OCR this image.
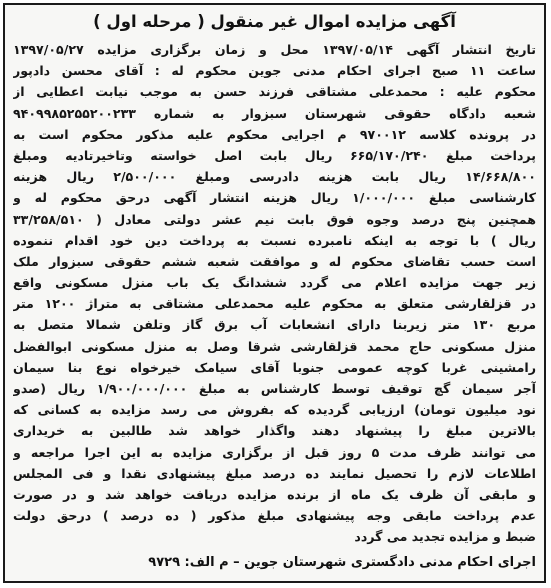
آگهی مزایده اموال غیر منقول ( مرحله اول )
تاریخ انتشار آگهی ۱۳۹۷/۰۵/۱۴ محل و زمان برگزاری مزایده ۱۳۹۷/۰۵/۲۷
ساعت ۱۱ صبح اجرای احکام مدنی جوین محکوم له : آقای محسن دادپور
محکوم علیه : محمدعلی مشتاقی فرزند حسن به موجب نیابت اعطایی از
شعبه دادگاه حقوقی شهرستان سبزوار به شماره ۹۴۰۹۹۸۵۲۵۵۲۰۰۲۳۳
در پرونده کلاسه ۹۷۰۰۱۲ م اجرایی محکوم علیه مذکور محکوم است به
پرداخت مبلغ ۶۶۵/۱۷۰/۲۴۰ ریال بابت اصل خواسته وتاخیرتادیه ومبلغ
۱۴/۶۶۸/۸۰۰ ریال بابت هزینه دادرسی ومبلغ ۲/۵۰۰/۰۰۰ ریال هزینه
کارشناسی مبلغ ۱/۰۰۰/۰۰۰ ریال هزینه انتشار آگهی درحق محکوم له و
همچنین پنج درصد وجوه فوق بابت نیم عشر دولتی معادل ( ۳۳/۲۵۸/۵۱۰
ریال ) با توجه به اینکه نامبرده نسبت به پرداخت دین خود اقدام ننموده
است حسب تقاضای محکوم له و موافقت شعبه ششم حقوقی سبزوار ملک
زیر جهت مزایده اعلام می گردد ششدانگ یک باب منزل مسکونی واقع
در قزلقارشی متعلق به محکوم علیه محمدعلی مشتاقی به متراژ ۱۲۰۰ متر
مربع ۱۳۰ متر زیربنا دارای انشعابات آب برق گاز وتلفن شمالا متصل به
منزل مسکونی حاج محمد قزلقارشی شرقا وصل به منزل مسکونی ابوالفضل
رامشینی غربا کوچه عمومی جنوبا آقای سیامک خیرخواه نوع بنا سیمان
آجر سیمان گچ توقیف توسط کارشناس به مبلغ ۱/۹۰۰/۰۰۰/۰۰۰ ریال (صدو
نود میلیون تومان) ارزیابی گردیده که بفروش می رسد مزایده به کسانی که
بالاترین مبلغ را پیشنهاد دهند واگذار خواهد شد طالبین به خریداری
می توانند ظرف مدت ۵ روز قبل از برگزاری مزایده به این اجرا مراجعه و
اطلاعات لازم را تحصیل نمایند ده درصد مبلغ پیشنهادی نقدا و فی المجلس
و مابقی آن ظرف یک ماه از برنده مزایده دریافت خواهد شد و در صورت
عدم پرداخت مابقی وجه پیشنهادی مبلغ مذکور ( ده درصد ) درحق دولت
ضبط و مزایده تجدید می گردد
اجرای احکام مدنی دادگستری شهرستان جوین – م الف: ۹۷۲۹
